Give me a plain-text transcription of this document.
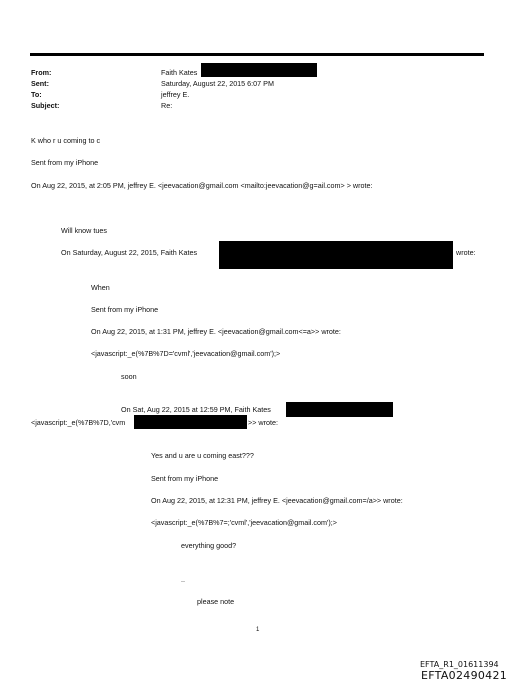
From:
Sent:
To:
Subject:
Faith Kates
Saturday, August 22, 2015 6:07 PM
jeffrey E.
Re:
K who r u coming to c
Sent from my iPhone
On Aug 22, 2015, at 2:05 PM, jeffrey E. <jeevacation@gmail.com <mailto:jeevacation@g=ail.com> > wrote:
Will know tues
On Saturday, August 22, 2015, Faith Kates	wrote:
When
Sent from my iPhone
On Aug 22, 2015, at 1:31 PM, jeffrey E. <jeevacation@gmail.com<=a>> wrote:
<javascript:_e(%7B%7D='cvml','jeevacation@gmail.com');>
soon
On Sat, Aug 22, 2015 at 12:59 PM, Faith Kates
<javascript:_e(%7B%7D,'cvm	>> wrote:
Yes and u are u coming east???
Sent from my iPhone
On Aug 22, 2015, at 12:31 PM, jeffrey E. <jeevacation@gmail.com=/a>> wrote:
<javascript:_e(%7B%7=;'cvml','jeevacation@gmail.com');>
everything good?
..
please note
1
EFTA_R1_01611394
EFTA02490421
